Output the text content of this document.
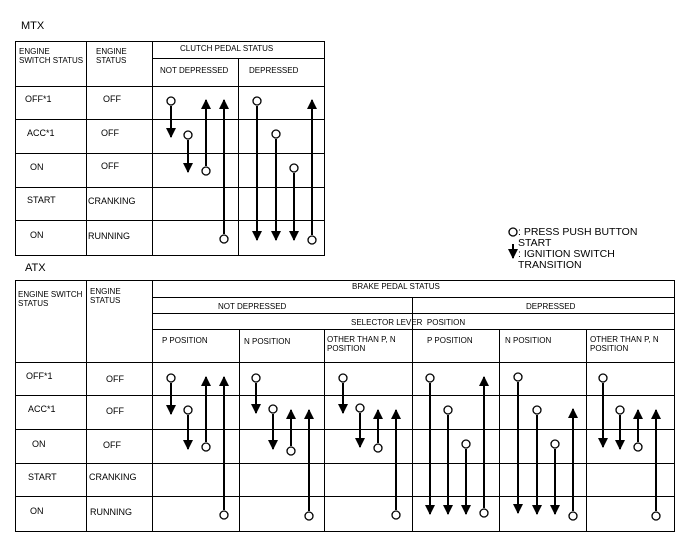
MTX
ENGINE
SWITCH STATUS
ENGINE
STATUS
CLUTCH PEDAL STATUS
NOT DEPRESSED	DEPRESSED
OFF*1	OFF
ACC*1	OFF
ON	OFF
START	CRANKING
ON	RUNNING	: PRESS PUSH BUTTON
START
: IGNITION SWITCH
TRANSITION
ATX
ENGINE SWITCH
STATUS
ENGINE
STATUS
BRAKE PEDAL STATUS
NOT DEPRESSED	DEPRESSED
SELECTOR LEVER  POSITION
P POSITION	N POSITION	OTHER THAN P, N
POSITION
P POSITION	N POSITION	OTHER THAN P, N
POSITION
OFF*1	OFF
ACC*1	OFF
ON	OFF
START	CRANKING
ON	RUNNING
